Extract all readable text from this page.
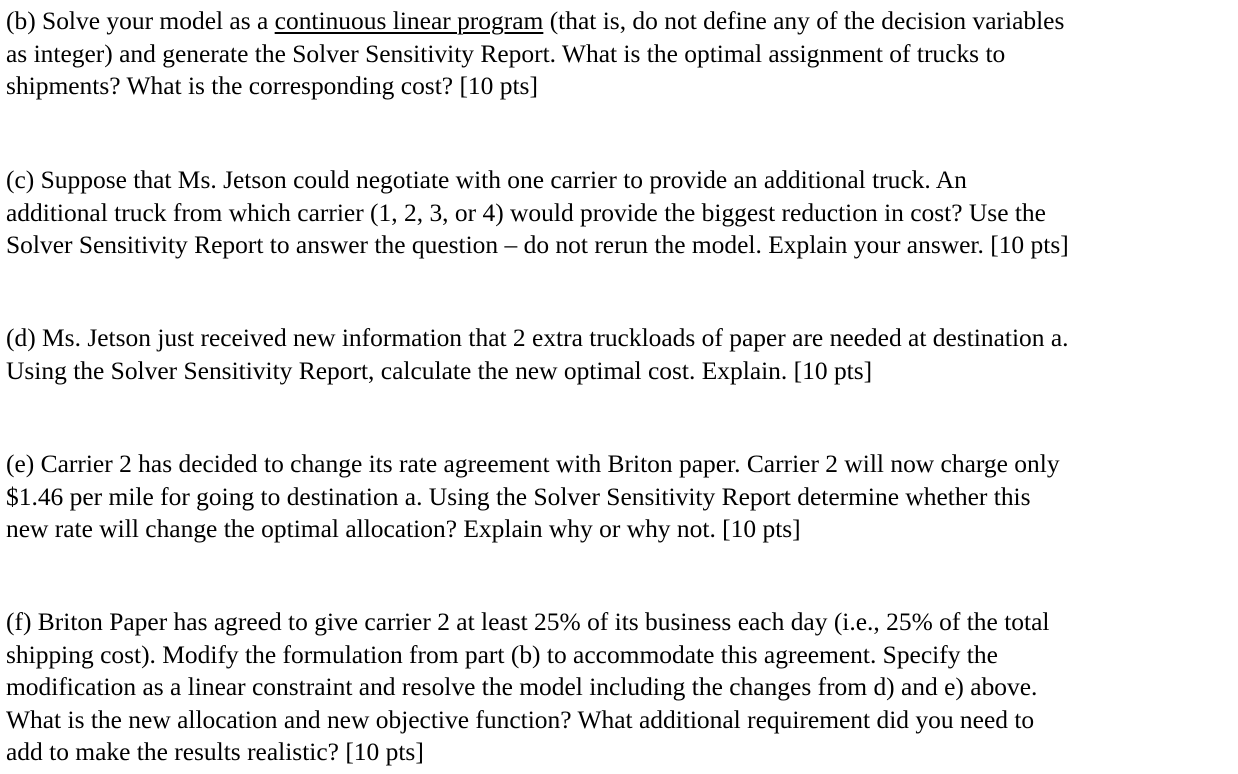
(b) Solve your model as a continuous linear program (that is, do not define any of the decision variables
as integer) and generate the Solver Sensitivity Report. What is the optimal assignment of trucks to
shipments? What is the corresponding cost? [10 pts]

(c) Suppose that Ms. Jetson could negotiate with one carrier to provide an additional truck. An
additional truck from which carrier (1, 2, 3, or 4) would provide the biggest reduction in cost? Use the
Solver Sensitivity Report to answer the question – do not rerun the model. Explain your answer. [10 pts]

(d) Ms. Jetson just received new information that 2 extra truckloads of paper are needed at destination a.
Using the Solver Sensitivity Report, calculate the new optimal cost. Explain. [10 pts]

(e) Carrier 2 has decided to change its rate agreement with Briton paper. Carrier 2 will now charge only
$1.46 per mile for going to destination a. Using the Solver Sensitivity Report determine whether this
new rate will change the optimal allocation? Explain why or why not. [10 pts]

(f) Briton Paper has agreed to give carrier 2 at least 25% of its business each day (i.e., 25% of the total
shipping cost). Modify the formulation from part (b) to accommodate this agreement. Specify the
modification as a linear constraint and resolve the model including the changes from d) and e) above.
What is the new allocation and new objective function? What additional requirement did you need to
add to make the results realistic? [10 pts]
